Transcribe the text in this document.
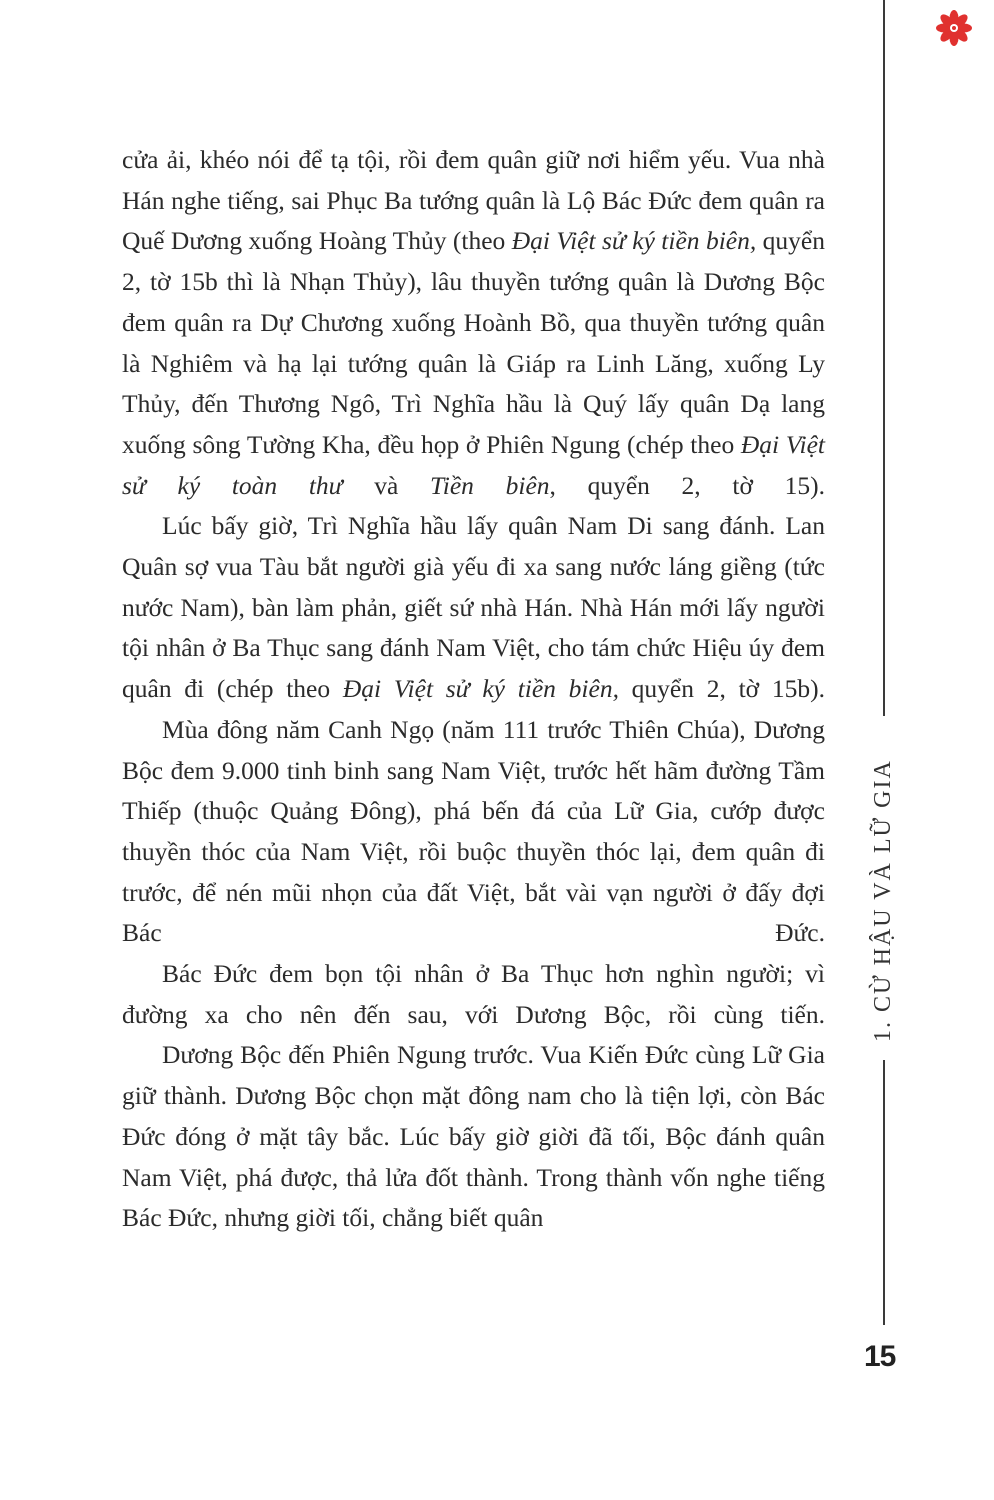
cửa ải, khéo nói để tạ tội, rồi đem quân giữ nơi hiểm yếu. Vua nhà Hán nghe tiếng, sai Phục Ba tướng quân là Lộ Bác Đức đem quân ra Quế Dương xuống Hoàng Thủy (theo Đại Việt sử ký tiền biên, quyển 2, tờ 15b thì là Nhạn Thủy), lâu thuyền tướng quân là Dương Bộc đem quân ra Dự Chương xuống Hoành Bồ, qua thuyền tướng quân là Nghiêm và hạ lại tướng quân là Giáp ra Linh Lăng, xuống Ly Thủy, đến Thương Ngô, Trì Nghĩa hầu là Quý lấy quân Dạ lang xuống sông Tường Kha, đều họp ở Phiên Ngung (chép theo Đại Việt sử ký toàn thư và Tiền biên, quyển 2, tờ 15).

Lúc bấy giờ, Trì Nghĩa hầu lấy quân Nam Di sang đánh. Lan Quân sợ vua Tàu bắt người già yếu đi xa sang nước láng giềng (tức nước Nam), bàn làm phản, giết sứ nhà Hán. Nhà Hán mới lấy người tội nhân ở Ba Thục sang đánh Nam Việt, cho tám chức Hiệu úy đem quân đi (chép theo Đại Việt sử ký tiền biên, quyển 2, tờ 15b).

Mùa đông năm Canh Ngọ (năm 111 trước Thiên Chúa), Dương Bộc đem 9.000 tinh binh sang Nam Việt, trước hết hãm đường Tầm Thiếp (thuộc Quảng Đông), phá bến đá của Lữ Gia, cướp được thuyền thóc của Nam Việt, rồi buộc thuyền thóc lại, đem quân đi trước, để nén mũi nhọn của đất Việt, bắt vài vạn người ở đấy đợi Bác Đức.

Bác Đức đem bọn tội nhân ở Ba Thục hơn nghìn người; vì đường xa cho nên đến sau, với Dương Bộc, rồi cùng tiến.

Dương Bộc đến Phiên Ngung trước. Vua Kiến Đức cùng Lữ Gia giữ thành. Dương Bộc chọn mặt đông nam cho là tiện lợi, còn Bác Đức đóng ở mặt tây bắc. Lúc bấy giờ giời đã tối, Bộc đánh quân Nam Việt, phá được, thả lửa đốt thành. Trong thành vốn nghe tiếng Bác Đức, nhưng giời tối, chẳng biết quân

1. CỪ HẬU VÀ LỮ GIA
15
